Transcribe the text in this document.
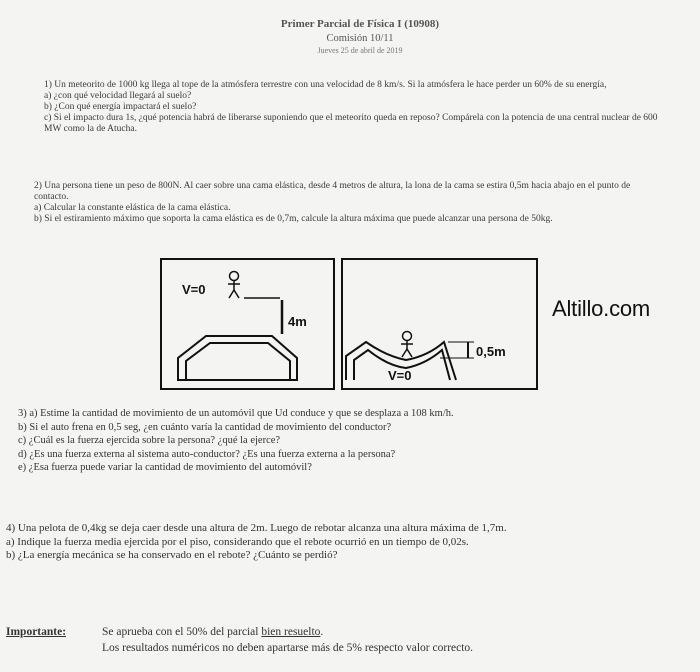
Primer Parcial de Física I (10908)
Comisión 10/11
Jueves 25 de abril de 2019

1) Un meteorito de 1000 kg llega al tope de la atmósfera terrestre con una velocidad de 8 km/s. Si la atmósfera le hace perder un 60% de su energía,

a) ¿con qué velocidad llegará al suelo?

b) ¿Con qué energía impactará el suelo?

c) Si el impacto dura 1s, ¿qué potencia habrá de liberarse suponiendo que el meteorito queda en reposo? Compárela con la potencia de una central nuclear de 600 MW como la de Atucha.

2) Una persona tiene un peso de 800N. Al caer sobre una cama elástica, desde 4 metros de altura, la lona de la cama se estira 0,5m hacia abajo en el punto de contacto.

a) Calcular la constante elástica de la cama elástica.

b) Si el estiramiento máximo que soporta la cama elástica es de 0,7m, calcule la altura máxima que puede alcanzar una persona de 50kg.

V=0
4m
0,5m
V=0
Altillo.com

3) a) Estime la cantidad de movimiento de un automóvil que Ud conduce y que se desplaza a 108 km/h.

b) Si el auto frena en 0,5 seg, ¿en cuánto varía la cantidad de movimiento del conductor?

c) ¿Cuál es la fuerza ejercida sobre la persona? ¿qué la ejerce?

d) ¿Es una fuerza externa al sistema auto-conductor? ¿Es una fuerza externa a la persona?

e) ¿Esa fuerza puede variar la cantidad de movimiento del automóvil?

4) Una pelota de 0,4kg se deja caer desde una altura de 2m. Luego de rebotar alcanza una altura máxima de 1,7m.

a) Indique la fuerza media ejercida por el piso, considerando que el rebote ocurrió en un tiempo de 0,02s.

b) ¿La energía mecánica se ha conservado en el rebote? ¿Cuánto se perdió?

Importante:	Se aprueba con el 50% del parcial bien resuelto.

Los resultados numéricos no deben apartarse más de 5% respecto valor correcto.
